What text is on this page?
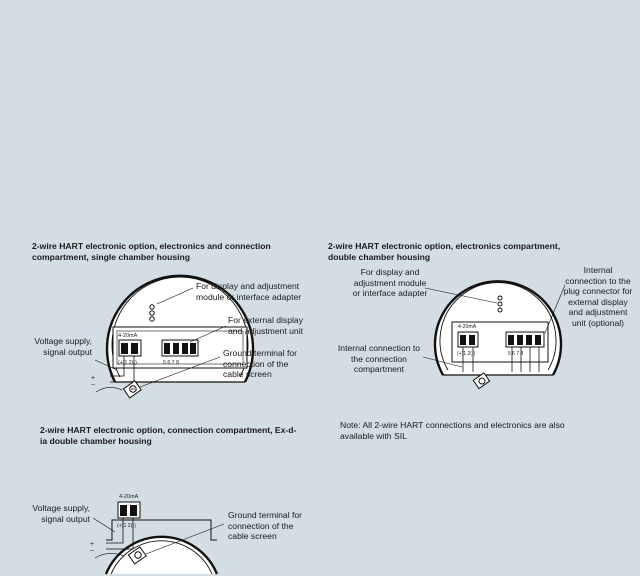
2-wire HART electronic option, electronics and connection compartment, single chamber housing
4-20mA
(+)1 2(-)	5 6 7 8
+
−
For display and adjustment module or interface adapter
For external display and adjustment unit
Voltage supply, signal output	Ground terminal for connection of the cable screen
2-wire HART electronic option, electronics compartment, double chamber housing
4-20mA
(+)1 2(-)	5 6 7 8
For display and adjustment module or interface adapter
Internal connection to the plug connector for external display and adjustment unit (optional)
Internal connection to the connection compartment
2-wire HART electronic option, connection compartment, Ex-d-ia double chamber housing
4-20mA
(+)1 2(-)
+
−
Voltage supply, signal output	Ground terminal for connection of the cable screen
Note: All 2-wire HART connections and electronics are also available with SIL
